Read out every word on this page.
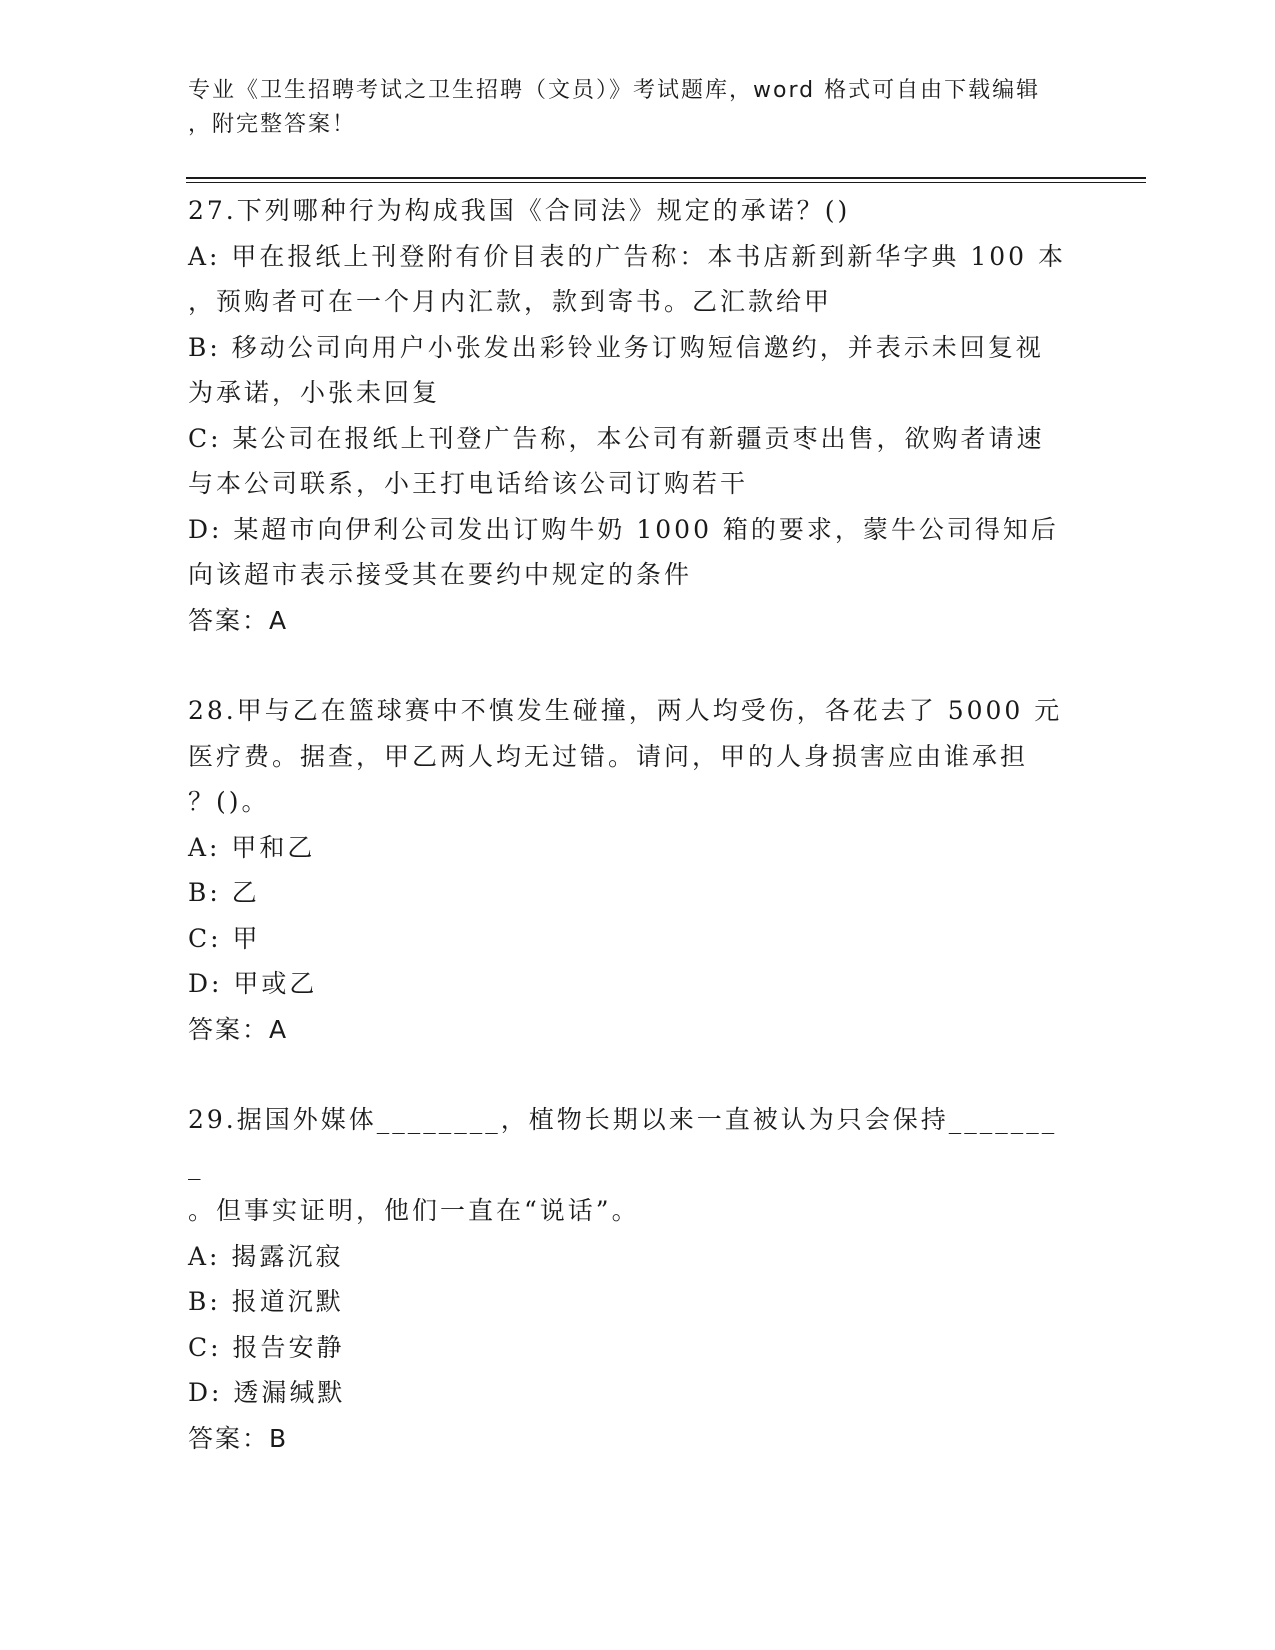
专业《卫生招聘考试之卫生招聘（文员）》考试题库，word 格式可自由下载编辑
，附完整答案！
27.下列哪种行为构成我国《合同法》规定的承诺？()
A: 甲在报纸上刊登附有价目表的广告称：本书店新到新华字典 100 本
，预购者可在一个月内汇款，款到寄书。乙汇款给甲
B: 移动公司向用户小张发出彩铃业务订购短信邀约，并表示未回复视
为承诺，小张未回复
C: 某公司在报纸上刊登广告称，本公司有新疆贡枣出售，欲购者请速
与本公司联系，小王打电话给该公司订购若干
D: 某超市向伊利公司发出订购牛奶 1000 箱的要求，蒙牛公司得知后
向该超市表示接受其在要约中规定的条件
答案：A
28.甲与乙在篮球赛中不慎发生碰撞，两人均受伤，各花去了 5000 元
医疗费。据查，甲乙两人均无过错。请问，甲的人身损害应由谁承担
？()。
A: 甲和乙
B: 乙
C: 甲
D: 甲或乙
答案：A
29.据国外媒体________，植物长期以来一直被认为只会保持________
。但事实证明，他们一直在“说话”。
A: 揭露沉寂
B: 报道沉默
C: 报告安静
D: 透漏缄默
答案：B
